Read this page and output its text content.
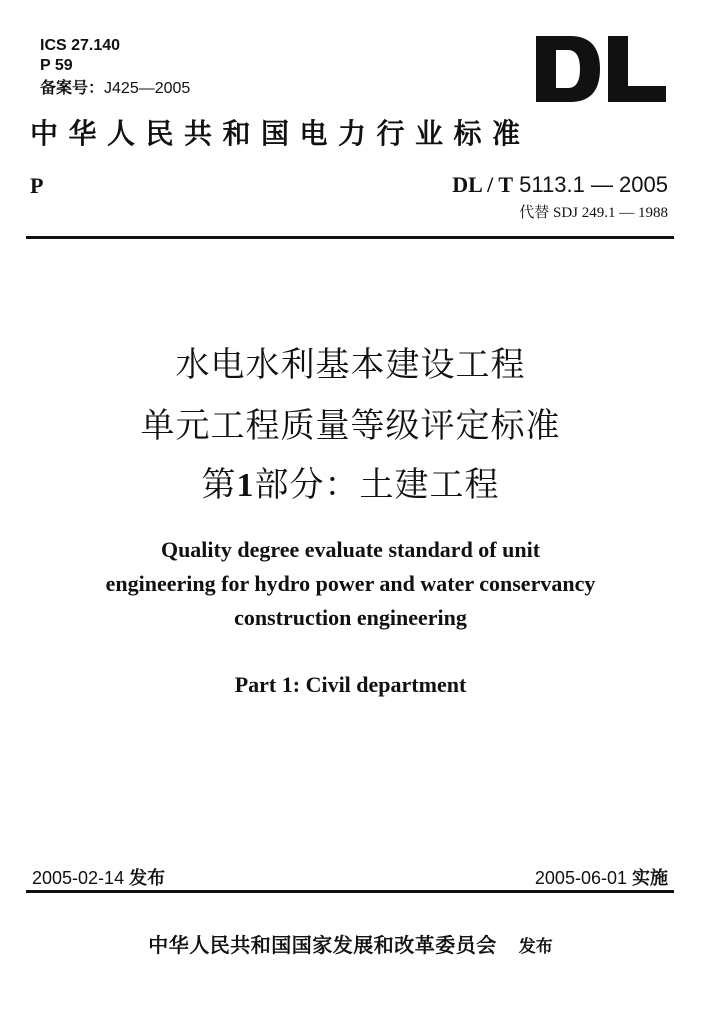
ICS 27.140
P 59
备案号：J425—2005
中华人民共和国电力行业标准
P	DL / T 5113.1 — 2005
代替 SDJ 249.1 — 1988
水电水利基本建设工程
单元工程质量等级评定标准
第1部分：土建工程
Quality degree evaluate standard of unit
engineering for hydro power and water conservancy
construction engineering
Part 1: Civil department
2005-02-14 发布	2005-06-01 实施
中华人民共和国国家发展和改革委员会 发布
